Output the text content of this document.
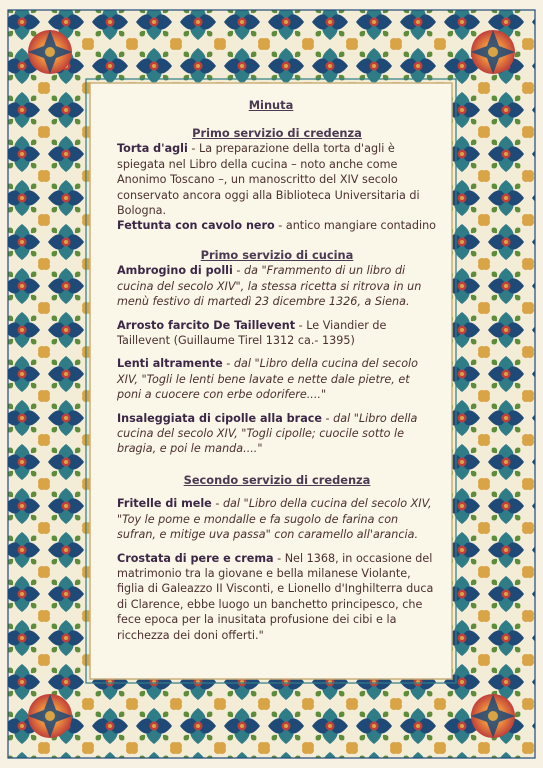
Minuta

Primo servizio di credenza

Torta d'agli - La preparazione della torta d'agli è spiegata nel Libro della cucina – noto anche come Anonimo Toscano –, un manoscritto del XIV secolo conservato ancora oggi alla Biblioteca Universitaria di Bologna.

Fettunta con cavolo nero - antico mangiare contadino

Primo servizio di cucina

Ambrogino di polli - da "Frammento di un libro di cucina del secolo XIV", la stessa ricetta si ritrova in un menù festivo di martedì 23 dicembre 1326, a Siena.

Arrosto farcito De Taillevent - Le Viandier de Taillevent (Guillaume Tirel 1312 ca.- 1395)

Lenti altramente - dal "Libro della cucina del secolo XIV, "Togli le lenti bene lavate e nette dale pietre, et poni a cuocere con erbe odorifere...."

Insaleggiata di cipolle alla brace - dal "Libro della cucina del secolo XIV, "Togli cipolle; cuocile sotto le bragia, e poi le manda...."

Secondo servizio di credenza

Fritelle di mele - dal "Libro della cucina del secolo XIV, "Toy le pome e mondalle e fa sugolo de farina con sufran, e mitige uva passa" con caramello all'arancia.

Crostata di pere e crema - Nel 1368, in occasione del matrimonio tra la giovane e bella milanese Violante, figlia di Galeazzo II Visconti, e Lionello d'Inghilterra duca di Clarence, ebbe luogo un banchetto principesco, che fece epoca per la inusitata profusione dei cibi e la ricchezza dei doni offerti."
